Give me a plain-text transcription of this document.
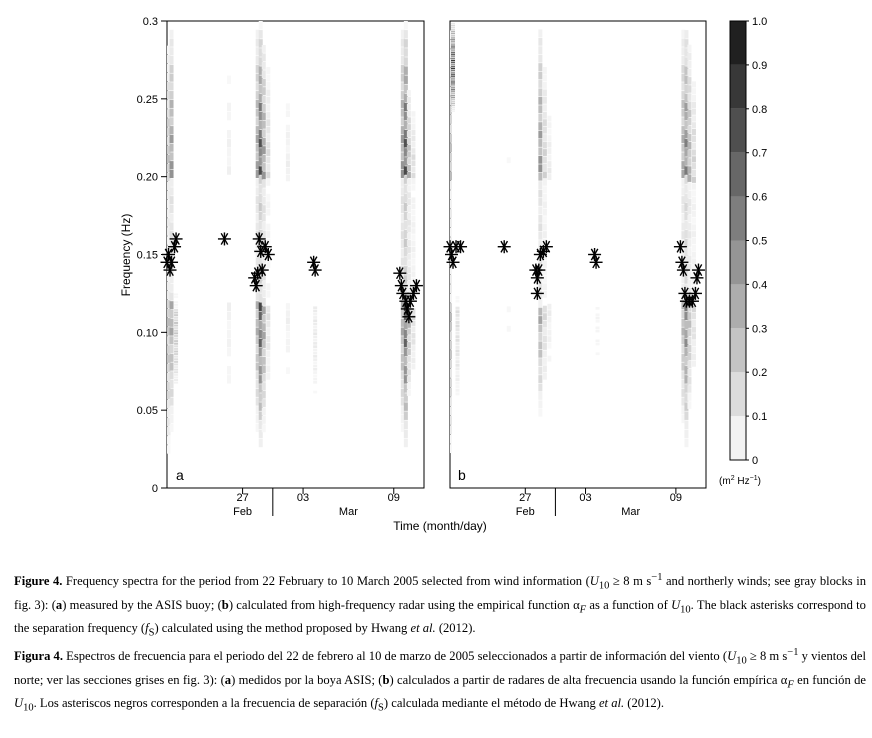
0
0.05
0.10
0.15
0.20
0.25
0.3
Frequency (Hz)
27	03	09
Feb	Mar
a
27	03	09
Feb	Mar
b
Time (month/day)
0
0.1
0.2
0.3
0.4
0.5
0.6
0.7
0.8
0.9
1.0
($m^2$ $Hz^{-1}$)
Figure 4. Frequency spectra for the period from 22 February to 10 March 2005 selected from wind information ($U_{10} \ge 8$ m $s^{-1}$ and northerly winds; see gray blocks in fig. 3): (a) measured by the ASIS buoy; (b) calculated from high-frequency radar using the empirical function $\alpha_F$ as a function of $U_{10}$. The black asterisks correspond to the separation frequency $(f_S)$ calculated using the method proposed by Hwang et al. (2012).
Figura 4. Espectros de frecuencia para el periodo del 22 de febrero al 10 de marzo de 2005 seleccionados a partir de información del viento ($U_{10} \ge 8$ m $s^{-1}$ y vientos del norte; ver las secciones grises en fig. 3): (a) medidos por la boya ASIS; (b) calculados a partir de radares de alta frecuencia usando la función empírica $\alpha_F$ en función de $U_{10}$. Los asteriscos negros corresponden a la frecuencia de separación $(f_S)$ calculada mediante el método de Hwang et al. (2012).
